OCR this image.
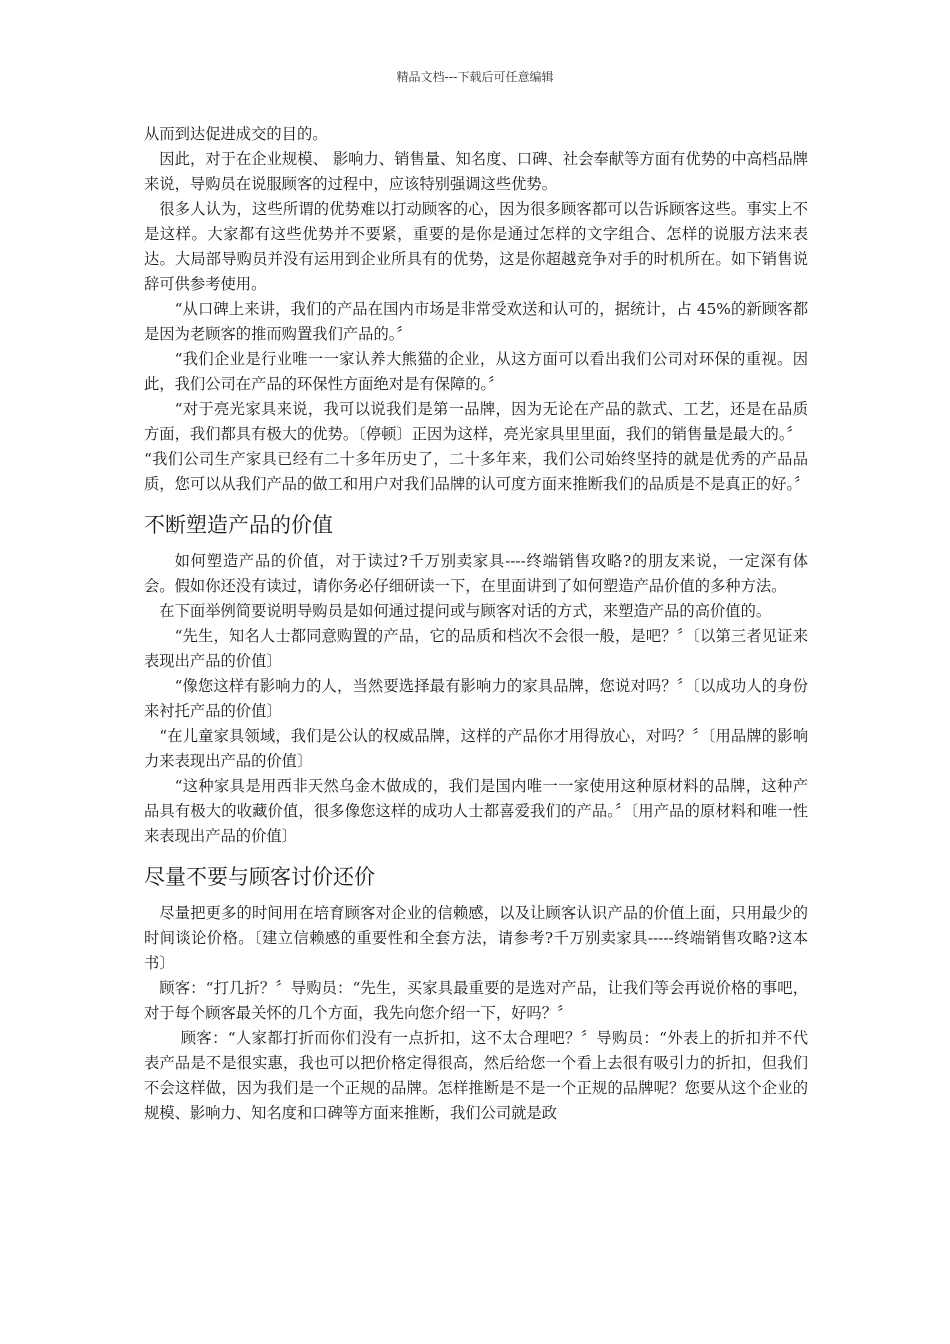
精品文档---下载后可任意编辑

从而到达促进成交的目的。

因此，对于在企业规模、 影响力、销售量、知名度、口碑、社会奉献等方面有优势的中高档品牌来说，导购员在说服顾客的过程中，应该特别强调这些优势。

很多人认为，这些所谓的优势难以打动顾客的心，因为很多顾客都可以告诉顾客这些。事实上不是这样。大家都有这些优势并不要紧，重要的是你是通过怎样的文字组合、怎样的说服方法来表达。大局部导购员并没有运用到企业所具有的优势，这是你超越竞争对手的时机所在。如下销售说辞可供参考使用。

“从口碑上来讲，我们的产品在国内市场是非常受欢送和认可的，据统计，占 45%的新顾客都是因为老顾客的推而购置我们产品的。〞

“我们企业是行业唯一一家认养大熊猫的企业，从这方面可以看出我们公司对环保的重视。因此，我们公司在产品的环保性方面绝对是有保障的。〞

“对于亮光家具来说，我可以说我们是第一品牌，因为无论在产品的款式、工艺，还是在品质方面，我们都具有极大的优势。〔停顿〕正因为这样，亮光家具里里面，我们的销售量是最大的。〞

“我们公司生产家具已经有二十多年历史了，二十多年来，我们公司始终坚持的就是优秀的产品品质，您可以从我们产品的做工和用户对我们品牌的认可度方面来推断我们的品质是不是真正的好。〞

不断塑造产品的价值

如何塑造产品的价值，对于读过?千万别卖家具----终端销售攻略?的朋友来说，一定深有体会。假如你还没有读过，请你务必仔细研读一下，在里面讲到了如何塑造产品价值的多种方法。

在下面举例简要说明导购员是如何通过提问或与顾客对话的方式，来塑造产品的高价值的。

“先生，知名人士都同意购置的产品，它的品质和档次不会很一般，是吧？〞〔以第三者见证来表现出产品的价值〕

“像您这样有影响力的人，当然要选择最有影响力的家具品牌，您说对吗？〞〔以成功人的身份来衬托产品的价值〕

“在儿童家具领域，我们是公认的权威品牌，这样的产品你才用得放心，对吗？〞〔用品牌的影响力来表现出产品的价值〕

“这种家具是用西非天然乌金木做成的，我们是国内唯一一家使用这种原材料的品牌，这种产品具有极大的收藏价值，很多像您这样的成功人士都喜爱我们的产品。〞〔用产品的原材料和唯一性来表现出产品的价值〕

尽量不要与顾客讨价还价

尽量把更多的时间用在培育顾客对企业的信赖感，以及让顾客认识产品的价值上面，只用最少的时间谈论价格。〔建立信赖感的重要性和全套方法，请参考?千万别卖家具-----终端销售攻略?这本书〕

顾客：“打几折？〞导购员：“先生，买家具最重要的是选对产品，让我们等会再说价格的事吧，对于每个顾客最关怀的几个方面，我先向您介绍一下，好吗？〞

顾客：“人家都打折而你们没有一点折扣，这不太合理吧？〞导购员：“外表上的折扣并不代表产品是不是很实惠，我也可以把价格定得很高，然后给您一个看上去很有吸引力的折扣，但我们不会这样做，因为我们是一个正规的品牌。怎样推断是不是一个正规的品牌呢？您要从这个企业的规模、影响力、知名度和口碑等方面来推断，我们公司就是政
